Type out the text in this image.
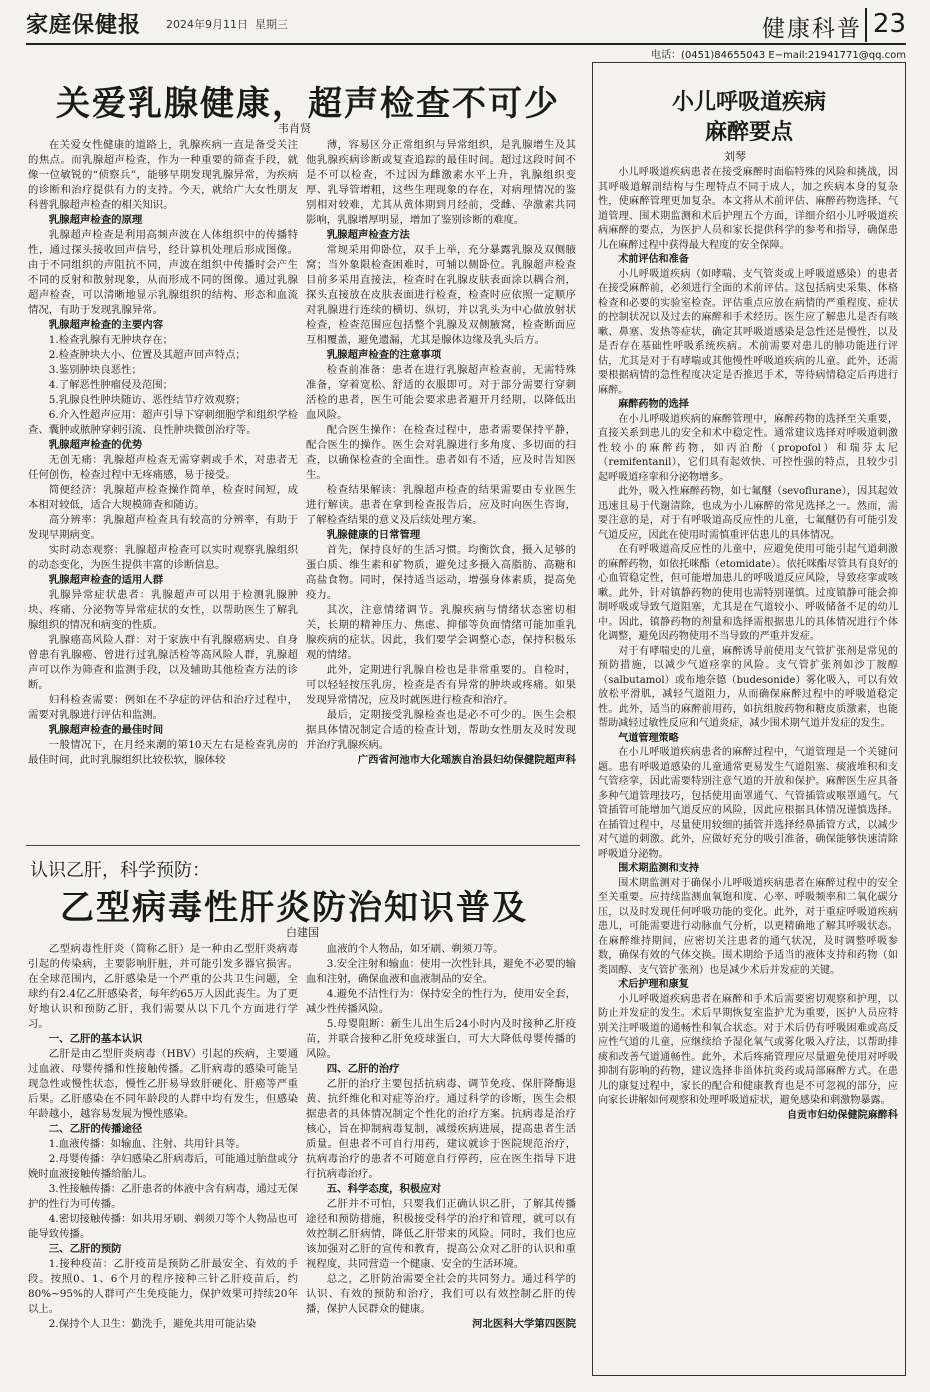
家庭保健报 2024年9月11日 星期三	健康科普 23
电话：(0451)84655043 E−mail:21941771@qq.com
关爱乳腺健康，超声检查不可少
韦肖贤

在关爱女性健康的道路上，乳腺疾病一直是备受关注的焦点。而乳腺超声检查，作为一种重要的筛查手段，就像一位敏锐的“侦察兵”，能够早期发现乳腺异常，为疾病的诊断和治疗提供有力的支持。今天，就给广大女性朋友科普乳腺超声检查的相关知识。

乳腺超声检查的原理

乳腺超声检查是利用高频声波在人体组织中的传播特性，通过探头接收回声信号，经计算机处理后形成图像。由于不同组织的声阻抗不同，声波在组织中传播时会产生不同的反射和散射现象，从而形成不同的图像。通过乳腺超声检查，可以清晰地显示乳腺组织的结构、形态和血流情况，有助于发现乳腺异常。

乳腺超声检查的主要内容

1.检查乳腺有无肿块存在；

2.检查肿块大小、位置及其超声回声特点；

3.鉴别肿块良恶性；

4.了解恶性肿瘤侵及范围；

5.乳腺良性肿块随访、恶性结节疗效观察；

6.介入性超声应用：超声引导下穿刺细胞学和组织学检查、囊肿或脓肿穿刺引流、良性肿块微创治疗等。

乳腺超声检查的优势

无创无痛：乳腺超声检查无需穿刺或手术，对患者无任何创伤，检查过程中无疼痛感，易于接受。

简便经济：乳腺超声检查操作简单，检查时间短，成本相对较低，适合大规模筛查和随访。

高分辨率：乳腺超声检查具有较高的分辨率，有助于发现早期病变。

实时动态观察：乳腺超声检查可以实时观察乳腺组织的动态变化，为医生提供丰富的诊断信息。

乳腺超声检查的适用人群

乳腺异常症状患者：乳腺超声可以用于检测乳腺肿块、疼痛、分泌物等异常症状的女性，以帮助医生了解乳腺组织的情况和病变的性质。

乳腺癌高风险人群：对于家族中有乳腺癌病史、自身曾患有乳腺癌、曾进行过乳腺活检等高风险人群，乳腺超声可以作为筛查和监测手段，以及辅助其他检查方法的诊断。

妇科检查需要：例如在不孕症的评估和治疗过程中，需要对乳腺进行评估和监测。

乳腺超声检查的最佳时间

一般情况下，在月经来潮的第10天左右是检查乳房的最佳时间，此时乳腺组织比较松软，腺体较

薄，容易区分正常组织与异常组织，是乳腺增生及其他乳腺疾病诊断或复查追踪的最佳时间。超过这段时间不是不可以检查，不过因为雌激素水平上升，乳腺组织变厚、乳导管增粗，这些生理现象的存在，对病理情况的鉴别相对较难，尤其从黄体期到月经前，受雌、孕激素共同影响，乳腺增厚明显，增加了鉴别诊断的难度。

乳腺超声检查方法

常规采用仰卧位，双手上举，充分暴露乳腺及双侧腋窝；当外象限检查困难时，可辅以侧卧位。乳腺超声检查目前多采用直接法，检查时在乳腺皮肤表面涂以耦合剂，探头直接放在皮肤表面进行检查，检查时应依照一定顺序对乳腺进行连续的横切、纵切，并以乳头为中心做放射状检查，检查范围应包括整个乳腺及双侧腋窝，检查断面应互相覆盖，避免遗漏，尤其是腺体边缘及乳头后方。

乳腺超声检查的注意事项

检查前准备：患者在进行乳腺超声检查前，无需特殊准备，穿着宽松、舒适的衣服即可。对于部分需要行穿刺活检的患者，医生可能会要求患者避开月经期，以降低出血风险。

配合医生操作：在检查过程中，患者需要保持平静，配合医生的操作。医生会对乳腺进行多角度、多切面的扫查，以确保检查的全面性。患者如有不适，应及时告知医生。

检查结果解读：乳腺超声检查的结果需要由专业医生进行解读。患者在拿到检查报告后，应及时向医生咨询，了解检查结果的意义及后续处理方案。

乳腺健康的日常管理

首先，保持良好的生活习惯。均衡饮食，摄入足够的蛋白质、维生素和矿物质，避免过多摄入高脂肪、高糖和高盐食物。同时，保持适当运动，增强身体素质，提高免疫力。

其次，注意情绪调节。乳腺疾病与情绪状态密切相关，长期的精神压力、焦虑、抑郁等负面情绪可能加重乳腺疾病的症状。因此，我们要学会调整心态，保持积极乐观的情绪。

此外，定期进行乳腺自检也是非常重要的。自检时，可以轻轻按压乳房，检查是否有异常的肿块或疼痛。如果发现异常情况，应及时就医进行检查和治疗。

最后，定期接受乳腺检查也是必不可少的。医生会根据具体情况制定合适的检查计划，帮助女性朋友及时发现并治疗乳腺疾病。

广西省河池市大化瑶族自治县妇幼保健院超声科

认识乙肝，科学预防：
乙型病毒性肝炎防治知识普及
白建国

乙型病毒性肝炎（简称乙肝）是一种由乙型肝炎病毒引起的传染病，主要影响肝脏，并可能引发多器官损害。在全球范围内，乙肝感染是一个严重的公共卫生问题，全球约有2.4亿乙肝感染者，每年约65万人因此丧生。为了更好地认识和预防乙肝，我们需要从以下几个方面进行学习。

一、乙肝的基本认识

乙肝是由乙型肝炎病毒（HBV）引起的疾病，主要通过血液、母婴传播和性接触传播。乙肝病毒的感染可能呈现急性或慢性状态，慢性乙肝易导致肝硬化、肝癌等严重后果。乙肝感染在不同年龄段的人群中均有发生，但感染年龄越小，越容易发展为慢性感染。

二、乙肝的传播途径

1.血液传播：如输血、注射、共用针具等。

2.母婴传播：孕妇感染乙肝病毒后，可能通过胎盘或分娩时血液接触传播给胎儿。

3.性接触传播：乙肝患者的体液中含有病毒，通过无保护的性行为可传播。

4.密切接触传播：如共用牙刷、剃须刀等个人物品也可能导致传播。

三、乙肝的预防

1.接种疫苗：乙肝疫苗是预防乙肝最安全、有效的手段。按照0、1、6个月的程序接种三针乙肝疫苗后，约80%~95%的人群可产生免疫能力，保护效果可持续20年以上。

2.保持个人卫生：勤洗手，避免共用可能沾染

血液的个人物品，如牙刷、剃须刀等。

3.安全注射和输血：使用一次性针具，避免不必要的输血和注射，确保血液和血液制品的安全。

4.避免不洁性行为：保持安全的性行为，使用安全套，减少性传播风险。

5.母婴阻断：新生儿出生后24小时内及时接种乙肝疫苗，并联合接种乙肝免疫球蛋白，可大大降低母婴传播的风险。

四、乙肝的治疗

乙肝的治疗主要包括抗病毒、调节免疫、保肝降酶退黄、抗纤维化和对症等治疗。通过科学的诊断，医生会根据患者的具体情况制定个性化的治疗方案。抗病毒是治疗核心，旨在抑制病毒复制，减缓疾病进展，提高患者生活质量。但患者不可自行用药，建议就诊于医院规范治疗，抗病毒治疗的患者不可随意自行停药，应在医生指导下进行抗病毒治疗。

五、科学态度，积极应对

乙肝并不可怕，只要我们正确认识乙肝，了解其传播途径和预防措施，积极接受科学的治疗和管理，就可以有效控制乙肝病情，降低乙肝带来的风险。同时，我们也应该加强对乙肝的宣传和教育，提高公众对乙肝的认识和重视程度，共同营造一个健康、安全的生活环境。

总之，乙肝防治需要全社会的共同努力。通过科学的认识、有效的预防和治疗，我们可以有效控制乙肝的传播，保护人民群众的健康。

河北医科大学第四医院

小儿呼吸道疾病
麻醉要点
刘琴

小儿呼吸道疾病患者在接受麻醉时面临特殊的风险和挑战，因其呼吸道解剖结构与生理特点不同于成人，加之疾病本身的复杂性，使麻醉管理更加复杂。本文将从术前评估、麻醉药物选择、气道管理、围术期监测和术后护理五个方面，详细介绍小儿呼吸道疾病麻醉的要点，为医护人员和家长提供科学的参考和指导，确保患儿在麻醉过程中获得最大程度的安全保障。

术前评估和准备

小儿呼吸道疾病（如哮喘、支气管炎或上呼吸道感染）的患者在接受麻醉前，必须进行全面的术前评估。这包括病史采集、体格检查和必要的实验室检查。评估重点应放在病情的严重程度、症状的控制状况以及过去的麻醉和手术经历。医生应了解患儿是否有咳嗽、鼻塞、发热等症状，确定其呼吸道感染是急性还是慢性，以及是否存在基础性呼吸系统疾病。术前需要对患儿的肺功能进行评估，尤其是对于有哮喘或其他慢性呼吸道疾病的儿童。此外，还需要根据病情的急性程度决定是否推迟手术，等待病情稳定后再进行麻醉。

麻醉药物的选择

在小儿呼吸道疾病的麻醉管理中，麻醉药物的选择至关重要，直接关系到患儿的安全和术中稳定性。通常建议选择对呼吸道刺激性较小的麻醉药物，如丙泊酚（propofol）和瑞芬太尼（remifentanil），它们具有起效快、可控性强的特点，且较少引起呼吸道痉挛和分泌物增多。

此外，吸入性麻醉药物，如七氟醚（sevoflurane），因其起效迅速且易于代谢清除，也成为小儿麻醉的常见选择之一。然而，需要注意的是，对于有呼吸道高反应性的儿童，七氟醚仍有可能引发气道反应，因此在使用时需慎重评估患儿的具体情况。

在有呼吸道高反应性的儿童中，应避免使用可能引起气道刺激的麻醉药物，如依托咪酯（etomidate）。依托咪酯尽管具有良好的心血管稳定性，但可能增加患儿的呼吸道反应风险，导致痉挛或咳嗽。此外，针对镇静药物的使用也需特别谨慎。过度镇静可能会抑制呼吸或导致气道阻塞，尤其是在气道较小、呼吸储备不足的幼儿中。因此，镇静药物的剂量和选择需根据患儿的具体情况进行个体化调整，避免因药物使用不当导致的严重并发症。

对于有哮喘史的儿童，麻醉诱导前使用支气管扩张剂是常见的预防措施，以减少气道痉挛的风险。支气管扩张剂如沙丁胺醇（salbutamol）或布地奈德（budesonide）雾化吸入，可以有效放松平滑肌，减轻气道阻力，从而确保麻醉过程中的呼吸道稳定性。此外，适当的麻醉前用药，如抗组胺药物和糖皮质激素，也能帮助减轻过敏性反应和气道炎症，减少围术期气道并发症的发生。

气道管理策略

在小儿呼吸道疾病患者的麻醉过程中，气道管理是一个关键问题。患有呼吸道感染的儿童通常更易发生气道阻塞、痰液堆积和支气管痉挛，因此需要特别注意气道的开放和保护。麻醉医生应具备多种气道管理技巧，包括使用面罩通气、气管插管或喉罩通气。气管插管可能增加气道反应的风险，因此应根据具体情况谨慎选择。在插管过程中，尽量使用较细的插管并选择经鼻插管方式，以减少对气道的刺激。此外，应做好充分的吸引准备，确保能够快速清除呼吸道分泌物。

围术期监测和支持

围术期监测对于确保小儿呼吸道疾病患者在麻醉过程中的安全至关重要。应持续监测血氧饱和度、心率、呼吸频率和二氧化碳分压，以及时发现任何呼吸功能的变化。此外，对于重症呼吸道疾病患儿，可能需要进行动脉血气分析，以更精确地了解其呼吸状态。在麻醉维持期间，应密切关注患者的通气状况，及时调整呼吸参数，确保有效的气体交换。围术期给予适当的液体支持和药物（如类固醇、支气管扩张剂）也是减少术后并发症的关键。

术后护理和康复

小儿呼吸道疾病患者在麻醉和手术后需要密切观察和护理，以防止并发症的发生。术后早期恢复室监护尤为重要，医护人员应特别关注呼吸道的通畅性和氧合状态。对于术后仍有呼吸困难或高反应性气道的儿童，应继续给予湿化氧气或雾化吸入疗法，以帮助排痰和改善气道通畅性。此外，术后疼痛管理应尽量避免使用对呼吸抑制有影响的药物，建议选择非甾体抗炎药或局部麻醉方式。在患儿的康复过程中，家长的配合和健康教育也是不可忽视的部分，应向家长讲解如何观察和处理呼吸道症状，避免感染和刺激物暴露。

自贡市妇幼保健院麻醉科
